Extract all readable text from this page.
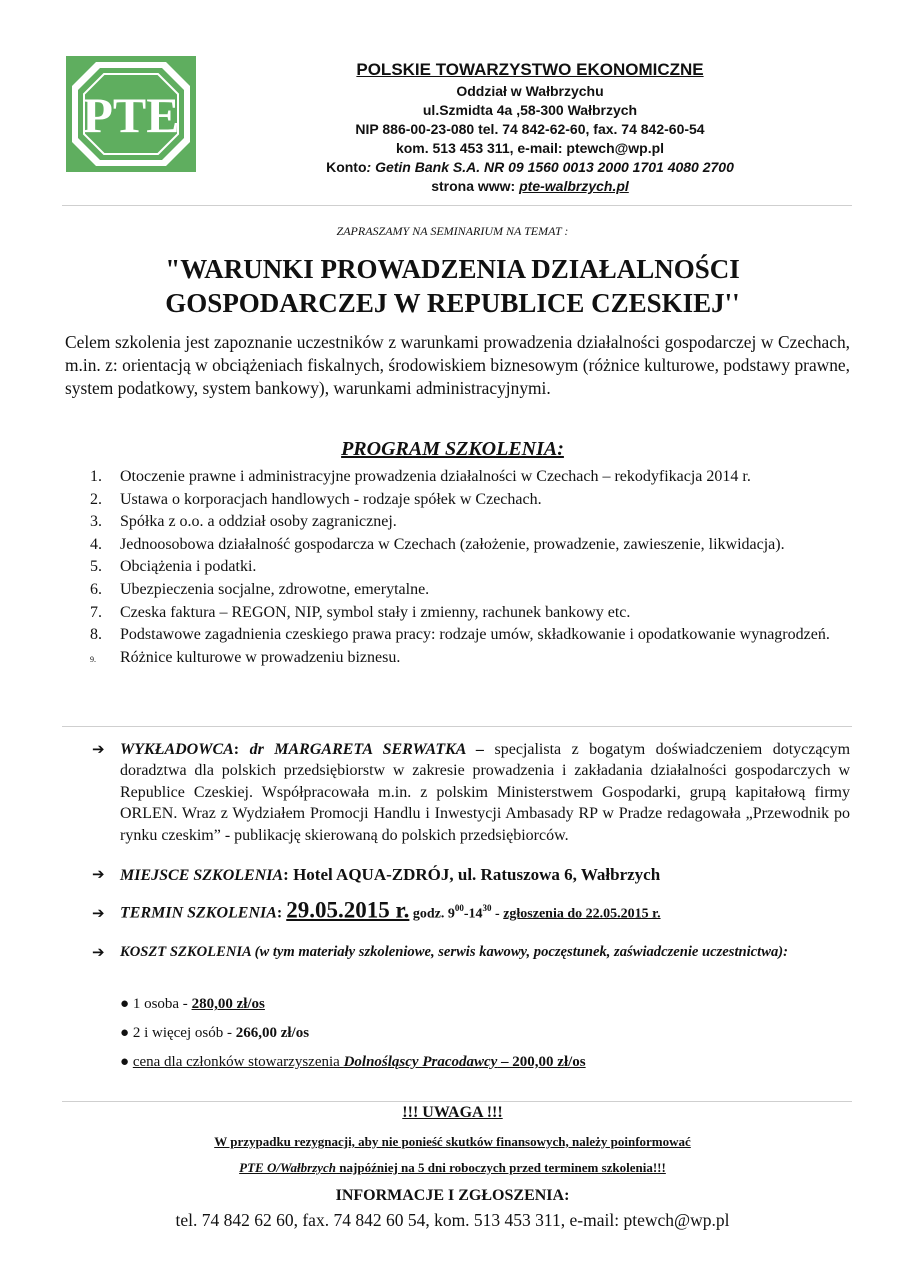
PTE
POLSKIE TOWARZYSTWO EKONOMICZNE
Oddział w Wałbrzychu
ul.Szmidta 4a ,58-300 Wałbrzych
NIP 886-00-23-080 tel. 74 842-62-60, fax. 74 842-60-54
kom. 513 453 311, e-mail: ptewch@wp.pl
Konto: Getin Bank S.A. NR 09 1560 0013 2000 1701 4080 2700
strona www: pte-walbrzych.pl
ZAPRASZAMY NA SEMINARIUM NA TEMAT :
"WARUNKI PROWADZENIA DZIAŁALNOŚCI
GOSPODARCZEJ W REPUBLICE CZESKIEJ''

Celem szkolenia jest zapoznanie uczestników z warunkami prowadzenia działalności gospodarczej w Czechach, m.in. z: orientacją w obciążeniach fiskalnych, środowiskiem biznesowym (różnice kulturowe, podstawy prawne, system podatkowy, system bankowy), warunkami administracyjnymi.

PROGRAM SZKOLENIA:
1.	Otoczenie prawne i administracyjne prowadzenia działalności w Czechach – rekodyfikacja 2014 r.
2.	Ustawa o korporacjach handlowych - rodzaje spółek w Czechach.
3.	Spółka z o.o. a oddział osoby zagranicznej.
4.	Jednoosobowa działalność gospodarcza w Czechach (założenie, prowadzenie, zawieszenie, likwidacja).
5.	Obciążenia i podatki.
6.	Ubezpieczenia socjalne, zdrowotne, emerytalne.
7.	Czeska faktura – REGON, NIP, symbol stały i zmienny, rachunek bankowy etc.
8.	Podstawowe zagadnienia czeskiego prawa pracy: rodzaje umów, składkowanie i opodatkowanie wynagrodzeń.
9.	Różnice kulturowe w prowadzeniu biznesu.
➔ WYKŁADOWCA: dr MARGARETA SERWATKA – specjalista z bogatym doświadczeniem dotyczącym doradztwa dla polskich przedsiębiorstw w zakresie prowadzenia i zakładania działalności gospodarczych w Republice Czeskiej. Współpracowała m.in. z polskim Ministerstwem Gospodarki, grupą kapitałową firmy ORLEN. Wraz z Wydziałem Promocji Handlu i Inwestycji Ambasady RP w Pradze redagowała „Przewodnik po rynku czeskim” - publikację skierowaną do polskich przedsiębiorców.
➔ MIEJSCE SZKOLENIA: Hotel AQUA-ZDRÓJ, ul. Ratuszowa 6, Wałbrzych
➔ TERMIN SZKOLENIA: 29.05.2015 r. godz. $9^{00}-14^{30}$ - zgłoszenia do 22.05.2015 r.
➔	KOSZT SZKOLENIA (w tym materiały szkoleniowe, serwis kawowy, poczęstunek, zaświadczenie uczestnictwa):
● 1 osoba - 280,00 zł/os
● 2 i więcej osób - 266,00 zł/os
● cena dla członków stowarzyszenia Dolnośląscy Pracodawcy – 200,00 zł/os
!!! UWAGA !!!
W przypadku rezygnacji, aby nie ponieść skutków finansowych, należy poinformować
PTE O/Wałbrzych najpóźniej na 5 dni roboczych przed terminem szkolenia!!!
INFORMACJE I ZGŁOSZENIA:
tel. 74 842 62 60, fax. 74 842 60 54, kom. 513 453 311, e-mail: ptewch@wp.pl
